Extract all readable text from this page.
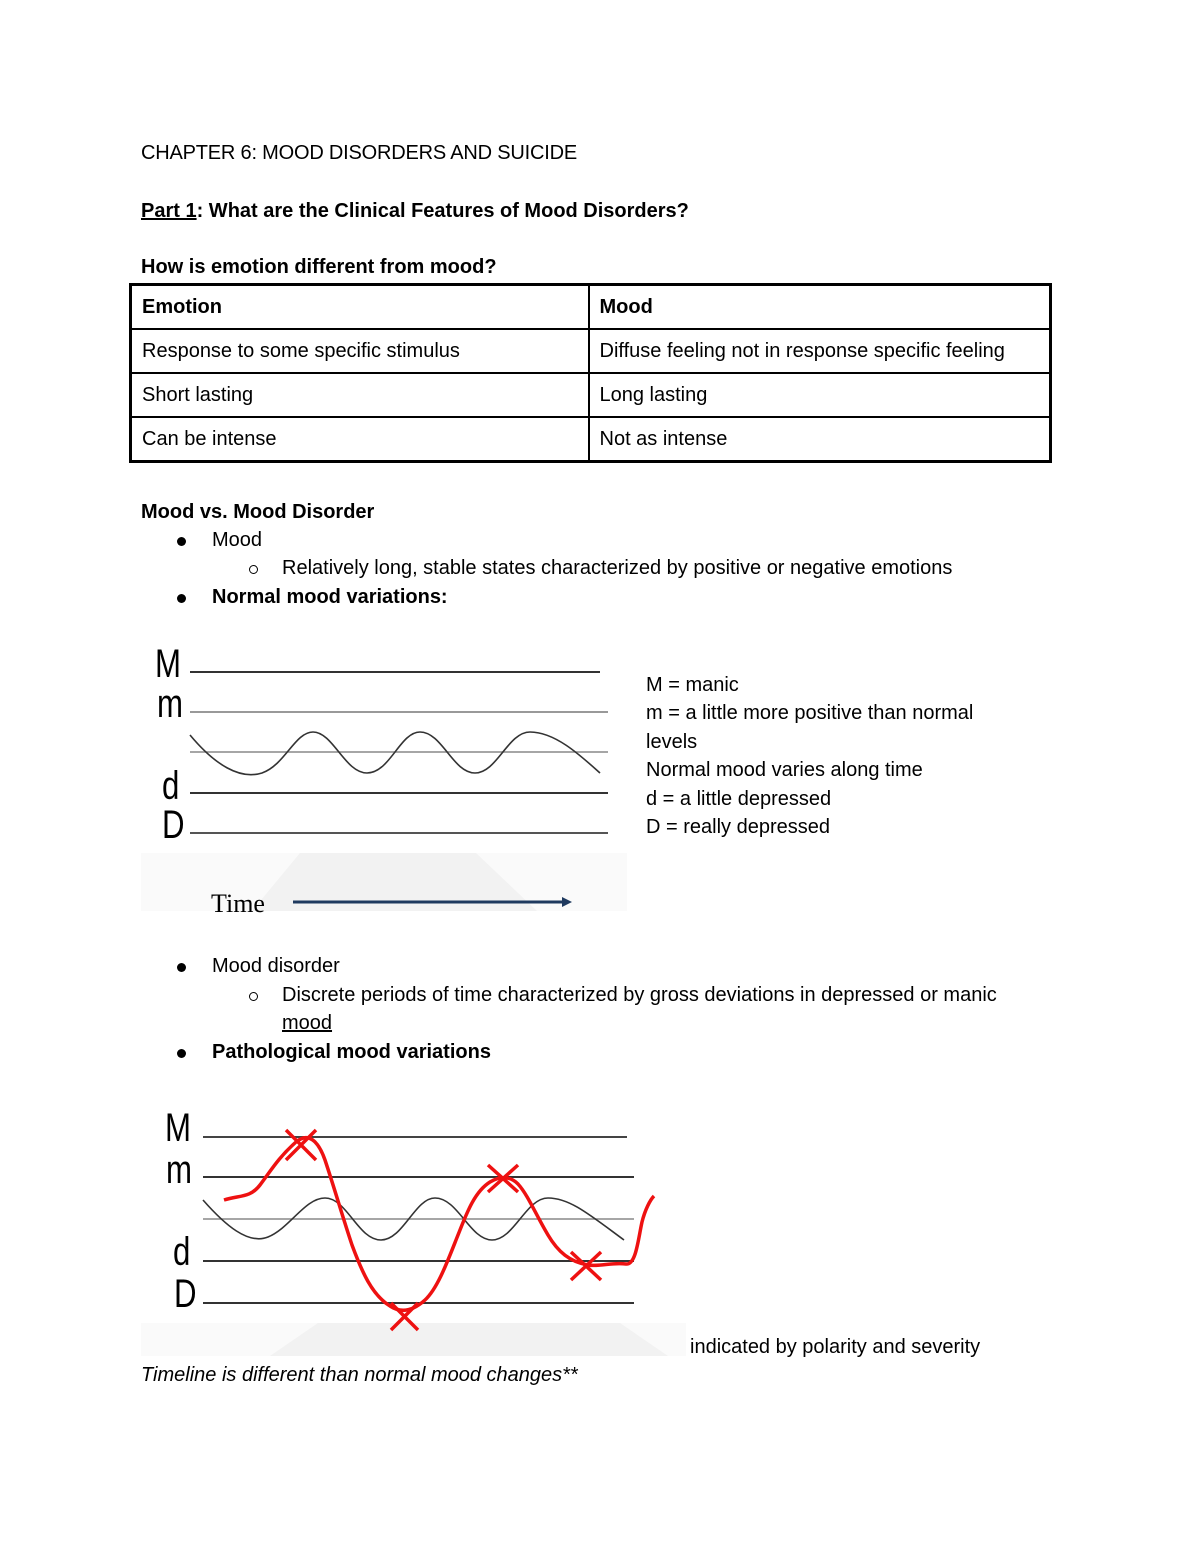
CHAPTER 6: MOOD DISORDERS AND SUICIDE
Part 1: What are the Clinical Features of Mood Disorders?
How is emotion different from mood?
Emotion	Mood
Response to some specific stimulus	Diffuse feeling not in response specific feeling
Short lasting	Long lasting
Can be intense	Not as intense
Mood vs. Mood Disorder
Mood
Relatively long, stable states characterized by positive or negative emotions
Normal mood variations:
M
m
d
D
Time
M = manic
m = a little more positive than normal
levels
Normal mood varies along time
d = a little depressed
D = really depressed
Mood disorder
Discrete periods of time characterized by gross deviations in depressed or manic
mood
Pathological mood variations
M
m
d
D
indicated by polarity and severity
Timeline is different than normal mood changes**
